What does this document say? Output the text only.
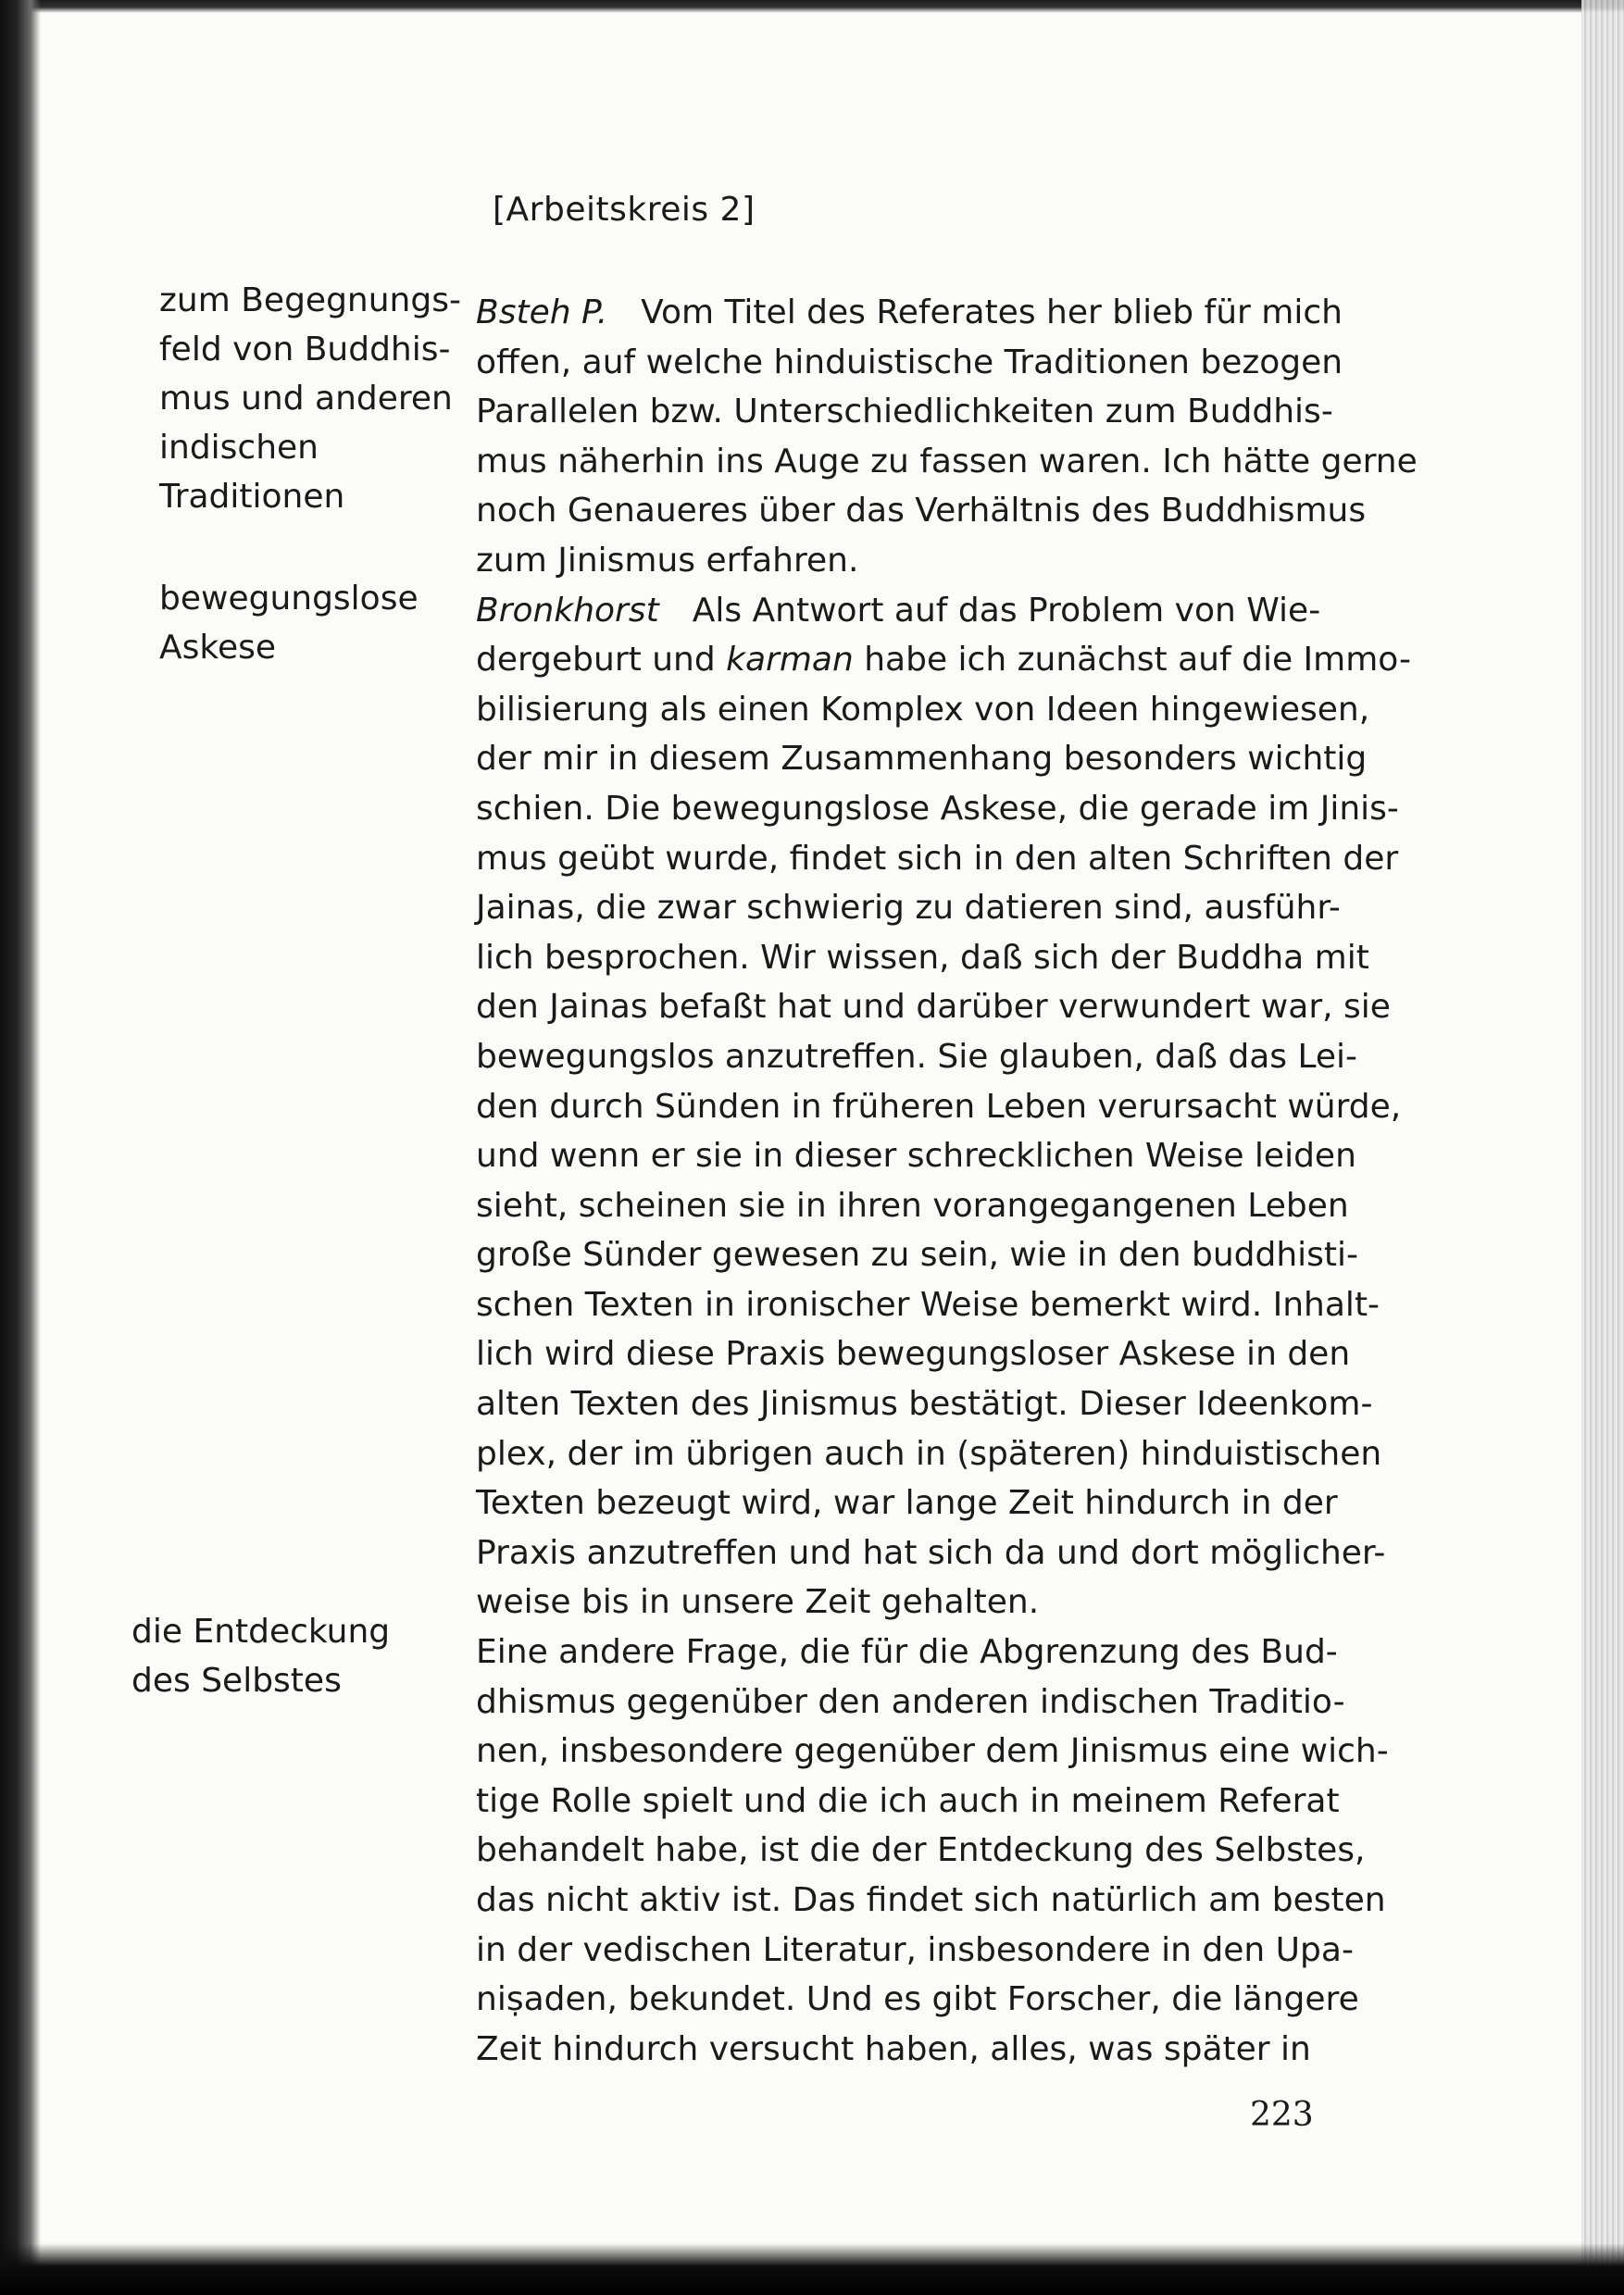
[Arbeitskreis 2]
zum Begegnungs-
feld von Buddhis-
mus und anderen
indischen
Traditionen
bewegungslose
Askese
die Entdeckung
des Selbstes
Bsteh P. Vom Titel des Referates her blieb für mich
offen, auf welche hinduistische Traditionen bezogen
Parallelen bzw. Unterschiedlichkeiten zum Buddhis-
mus näherhin ins Auge zu fassen waren. Ich hätte gerne
noch Genaueres über das Verhältnis des Buddhismus
zum Jinismus erfahren.
Bronkhorst Als Antwort auf das Problem von Wie-
dergeburt und karman habe ich zunächst auf die Immo-
bilisierung als einen Komplex von Ideen hingewiesen,
der mir in diesem Zusammenhang besonders wichtig
schien. Die bewegungslose Askese, die gerade im Jinis-
mus geübt wurde, findet sich in den alten Schriften der
Jainas, die zwar schwierig zu datieren sind, ausführ-
lich besprochen. Wir wissen, daß sich der Buddha mit
den Jainas befaßt hat und darüber verwundert war, sie
bewegungslos anzutreffen. Sie glauben, daß das Lei-
den durch Sünden in früheren Leben verursacht würde,
und wenn er sie in dieser schrecklichen Weise leiden
sieht, scheinen sie in ihren vorangegangenen Leben
große Sünder gewesen zu sein, wie in den buddhisti-
schen Texten in ironischer Weise bemerkt wird. Inhalt-
lich wird diese Praxis bewegungsloser Askese in den
alten Texten des Jinismus bestätigt. Dieser Ideenkom-
plex, der im übrigen auch in (späteren) hinduistischen
Texten bezeugt wird, war lange Zeit hindurch in der
Praxis anzutreffen und hat sich da und dort möglicher-
weise bis in unsere Zeit gehalten.
Eine andere Frage, die für die Abgrenzung des Bud-
dhismus gegenüber den anderen indischen Traditio-
nen, insbesondere gegenüber dem Jinismus eine wich-
tige Rolle spielt und die ich auch in meinem Referat
behandelt habe, ist die der Entdeckung des Selbstes,
das nicht aktiv ist. Das findet sich natürlich am besten
in der vedischen Literatur, insbesondere in den Upa-
niṣaden, bekundet. Und es gibt Forscher, die längere
Zeit hindurch versucht haben, alles, was später in
223
